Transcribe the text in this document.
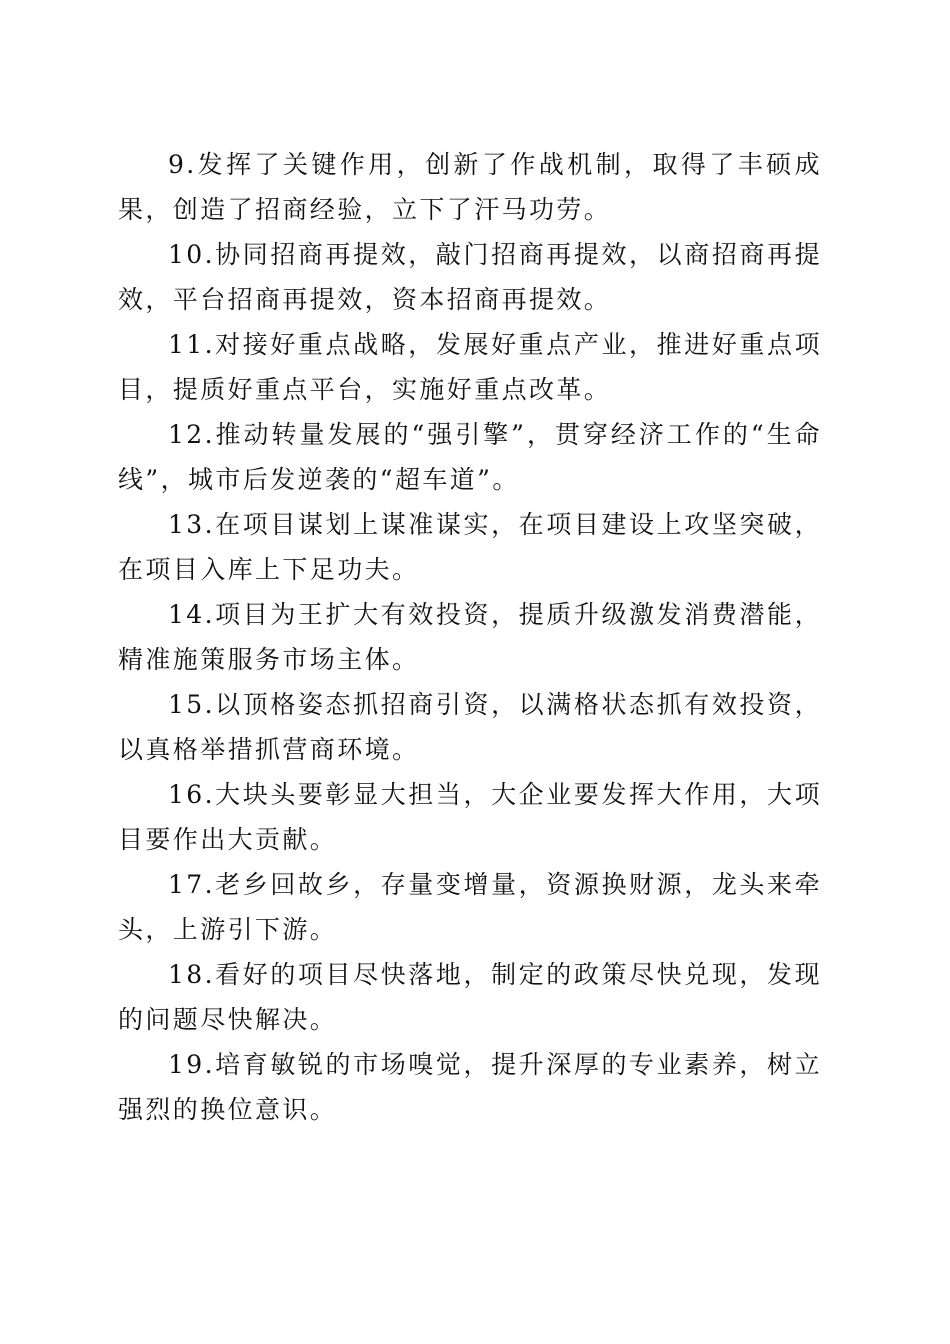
9.发挥了关键作用，创新了作战机制，取得了丰硕成果，创造了招商经验，立下了汗马功劳。

10.协同招商再提效，敲门招商再提效，以商招商再提效，平台招商再提效，资本招商再提效。

11.对接好重点战略，发展好重点产业，推进好重点项目，提质好重点平台，实施好重点改革。

12.推动转量发展的“强引擎”，贯穿经济工作的“生命线”，城市后发逆袭的“超车道”。

13.在项目谋划上谋准谋实，在项目建设上攻坚突破，在项目入库上下足功夫。

14.项目为王扩大有效投资，提质升级激发消费潜能，精准施策服务市场主体。

15.以顶格姿态抓招商引资，以满格状态抓有效投资，以真格举措抓营商环境。

16.大块头要彰显大担当，大企业要发挥大作用，大项目要作出大贡献。

17.老乡回故乡，存量变增量，资源换财源，龙头来牵头，上游引下游。

18.看好的项目尽快落地，制定的政策尽快兑现，发现的问题尽快解决。

19.培育敏锐的市场嗅觉，提升深厚的专业素养，树立强烈的换位意识。
